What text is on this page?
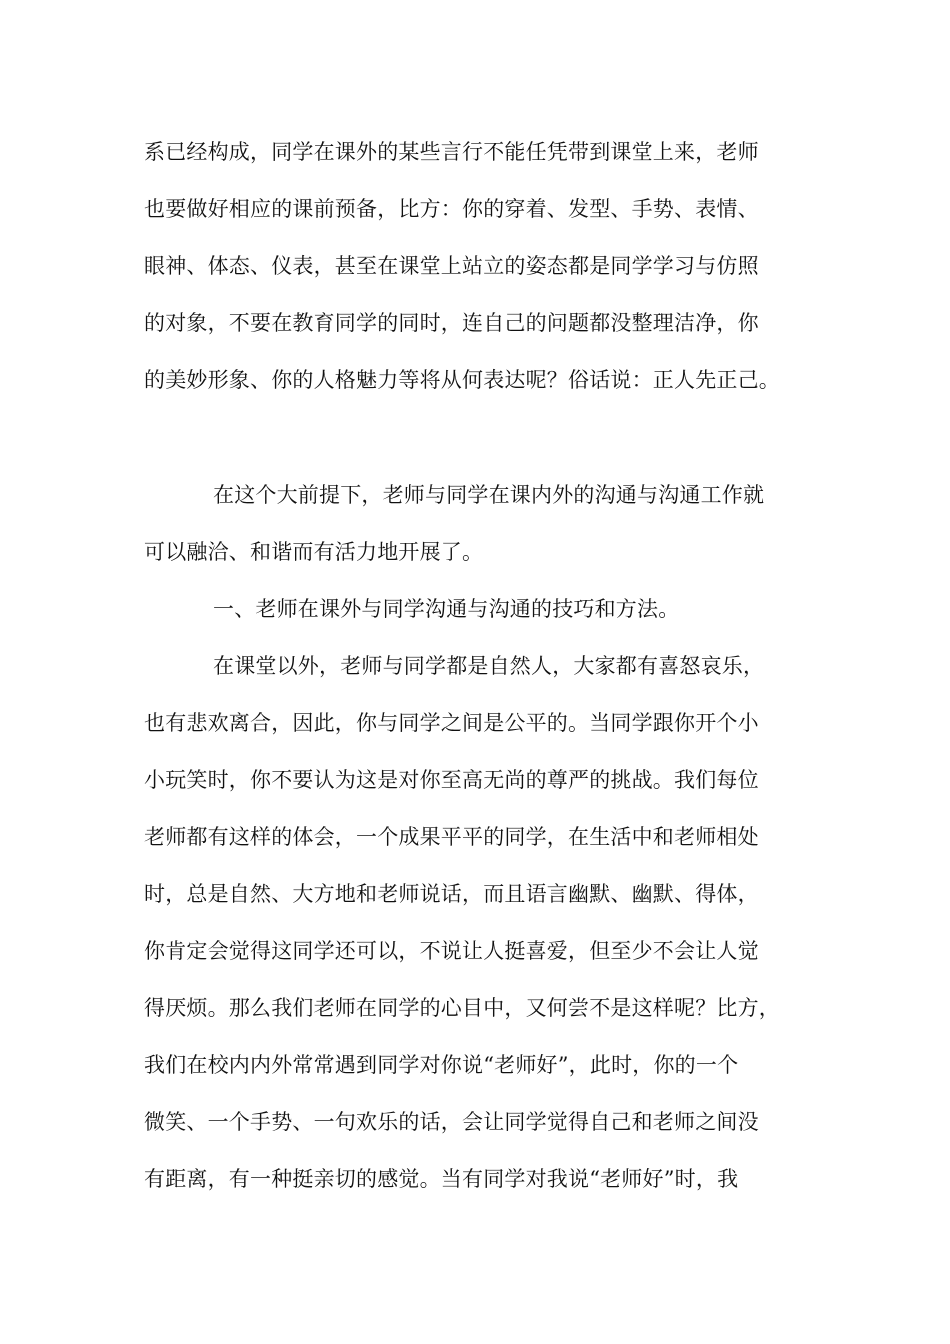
系已经构成，同学在课外的某些言行不能任凭带到课堂上来，老师
也要做好相应的课前预备，比方：你的穿着、发型、手势、表情、
眼神、体态、仪表，甚至在课堂上站立的姿态都是同学学习与仿照
的对象，不要在教育同学的同时，连自己的问题都没整理洁净，你
的美妙形象、你的人格魅力等将从何表达呢？俗话说：正人先正己。
在这个大前提下，老师与同学在课内外的沟通与沟通工作就
可以融洽、和谐而有活力地开展了。
一、老师在课外与同学沟通与沟通的技巧和方法。
在课堂以外，老师与同学都是自然人，大家都有喜怒哀乐，
也有悲欢离合，因此，你与同学之间是公平的。当同学跟你开个小
小玩笑时，你不要认为这是对你至高无尚的尊严的挑战。我们每位
老师都有这样的体会，一个成果平平的同学，在生活中和老师相处
时，总是自然、大方地和老师说话，而且语言幽默、幽默、得体，
你肯定会觉得这同学还可以，不说让人挺喜爱，但至少不会让人觉
得厌烦。那么我们老师在同学的心目中，又何尝不是这样呢？比方，
我们在校内内外常常遇到同学对你说“老师好”，此时，你的一个
微笑、一个手势、一句欢乐的话，会让同学觉得自己和老师之间没
有距离，有一种挺亲切的感觉。当有同学对我说“老师好”时，我
